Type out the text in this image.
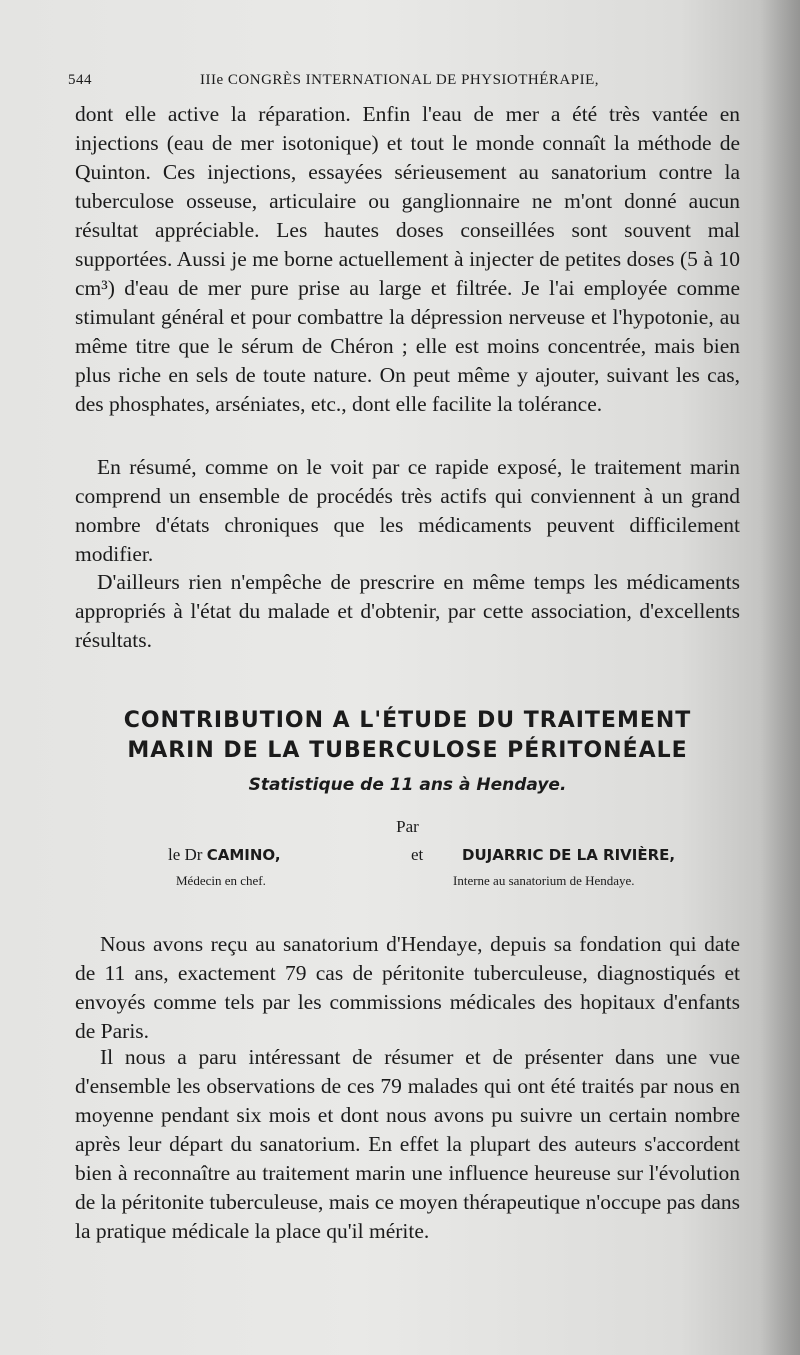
544	IIIe CONGRÈS INTERNATIONAL DE PHYSIOTHÉRAPIE,

dont elle active la réparation. Enfin l'eau de mer a été très vantée en injections (eau de mer isotonique) et tout le monde connaît la méthode de Quinton. Ces injections, essayées sérieusement au sanatorium contre la tuberculose osseuse, articulaire ou ganglionnaire ne m'ont donné aucun résultat appréciable. Les hautes doses conseillées sont souvent mal supportées. Aussi je me borne actuellement à injecter de petites doses (5 à 10 cm³) d'eau de mer pure prise au large et filtrée. Je l'ai employée comme stimulant général et pour combattre la dépression nerveuse et l'hypotonie, au même titre que le sérum de Chéron ; elle est moins concentrée, mais bien plus riche en sels de toute nature. On peut même y ajouter, suivant les cas, des phosphates, arséniates, etc., dont elle facilite la tolérance.

En résumé, comme on le voit par ce rapide exposé, le traitement marin comprend un ensemble de procédés très actifs qui conviennent à un grand nombre d'états chroniques que les médicaments peuvent difficilement modifier.

D'ailleurs rien n'empêche de prescrire en même temps les médicaments appropriés à l'état du malade et d'obtenir, par cette association, d'excellents résultats.

CONTRIBUTION A L'ÉTUDE DU TRAITEMENT
MARIN DE LA TUBERCULOSE PÉRITONÉALE
Statistique de 11 ans à Hendaye.
Par
le Dr CAMINO,
Médecin en chef.
et	DUJARRIC DE LA RIVIÈRE,
Interne au sanatorium de Hendaye.

Nous avons reçu au sanatorium d'Hendaye, depuis sa fondation qui date de 11 ans, exactement 79 cas de péritonite tuberculeuse, diagnostiqués et envoyés comme tels par les commissions médicales des hopitaux d'enfants de Paris.

Il nous a paru intéressant de résumer et de présenter dans une vue d'ensemble les observations de ces 79 malades qui ont été traités par nous en moyenne pendant six mois et dont nous avons pu suivre un certain nombre après leur départ du sanatorium. En effet la plupart des auteurs s'accordent bien à reconnaître au traitement marin une influence heureuse sur l'évolution de la péritonite tuberculeuse, mais ce moyen thérapeutique n'occupe pas dans la pratique médicale la place qu'il mérite.
